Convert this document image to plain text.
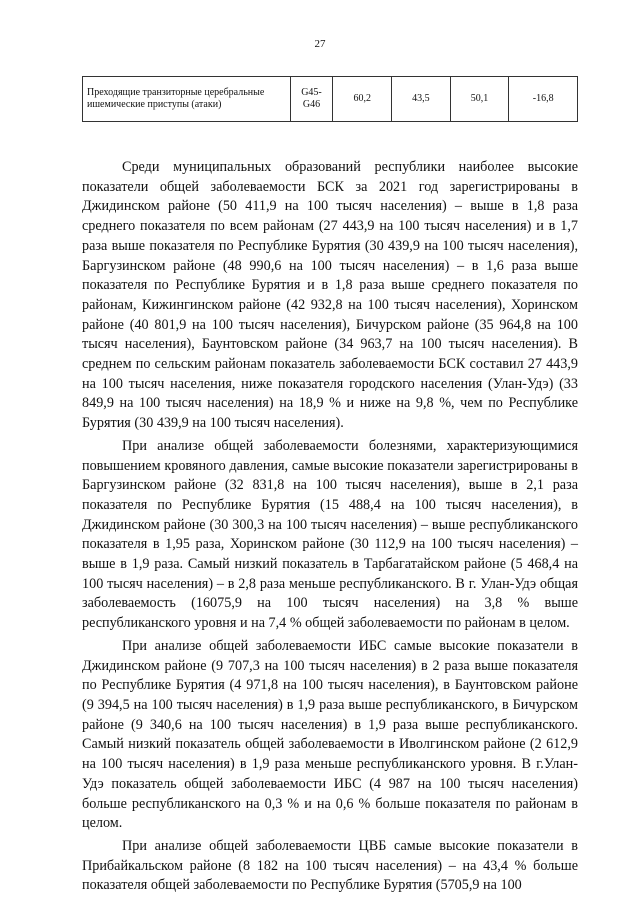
27
Преходящие транзиторные церебральные ишемические приступы (атаки)	G45-G46	60,2	43,5	50,1	-16,8

Среди муниципальных образований республики наиболее высокие показатели общей заболеваемости БСК за 2021 год зарегистрированы в Джидинском районе (50 411,9 на 100 тысяч населения) – выше в 1,8 раза среднего показателя по всем районам (27 443,9 на 100 тысяч населения) и в 1,7 раза выше показателя по Республике Бурятия (30 439,9 на 100 тысяч населения), Баргузинском районе (48 990,6 на 100 тысяч населения) – в 1,6 раза выше показателя по Республике Бурятия и в 1,8 раза выше среднего показателя по районам, Кижингинском районе (42 932,8 на 100 тысяч населения), Хоринском районе (40 801,9 на 100 тысяч населения), Бичурском районе (35 964,8 на 100 тысяч населения), Баунтовском районе (34 963,7 на 100 тысяч населения). В среднем по сельским районам показатель заболеваемости БСК составил 27 443,9 на 100 тысяч населения, ниже показателя городского населения (Улан-Удэ) (33 849,9 на 100 тысяч населения) на 18,9 % и ниже на 9,8 %, чем по Республике Бурятия (30 439,9 на 100 тысяч населения).

При анализе общей заболеваемости болезнями, характеризующимися повышением кровяного давления, самые высокие показатели зарегистрированы в Баргузинском районе (32 831,8 на 100 тысяч населения), выше в 2,1 раза показателя по Республике Бурятия (15 488,4 на 100 тысяч населения), в Джидинском районе (30 300,3 на 100 тысяч населения) – выше республиканского показателя в 1,95 раза, Хоринском районе (30 112,9 на 100 тысяч населения) – выше в 1,9 раза. Самый низкий показатель в Тарбагатайском районе (5 468,4 на 100 тысяч населения) – в 2,8 раза меньше республиканского. В г. Улан-Удэ общая заболеваемость (16075,9 на 100 тысяч населения) на 3,8 % выше республиканского уровня и на 7,4 % общей заболеваемости по районам в целом.

При анализе общей заболеваемости ИБС самые высокие показатели в Джидинском районе (9 707,3 на 100 тысяч населения) в 2 раза выше показателя по Республике Бурятия (4 971,8 на 100 тысяч населения), в Баунтовском районе (9 394,5 на 100 тысяч населения) в 1,9 раза выше республиканского, в Бичурском районе (9 340,6 на 100 тысяч населения) в 1,9 раза выше республиканского. Самый низкий показатель общей заболеваемости в Иволгинском районе (2 612,9 на 100 тысяч населения) в 1,9 раза меньше республиканского уровня. В г.Улан-Удэ показатель общей заболеваемости ИБС (4 987 на 100 тысяч населения) больше республиканского на 0,3 % и на 0,6 % больше показателя по районам в целом.

При анализе общей заболеваемости ЦВБ самые высокие показатели в Прибайкальском районе (8 182 на 100 тысяч населения) – на 43,4 % больше показателя общей заболеваемости по Республике Бурятия (5705,9 на 100
